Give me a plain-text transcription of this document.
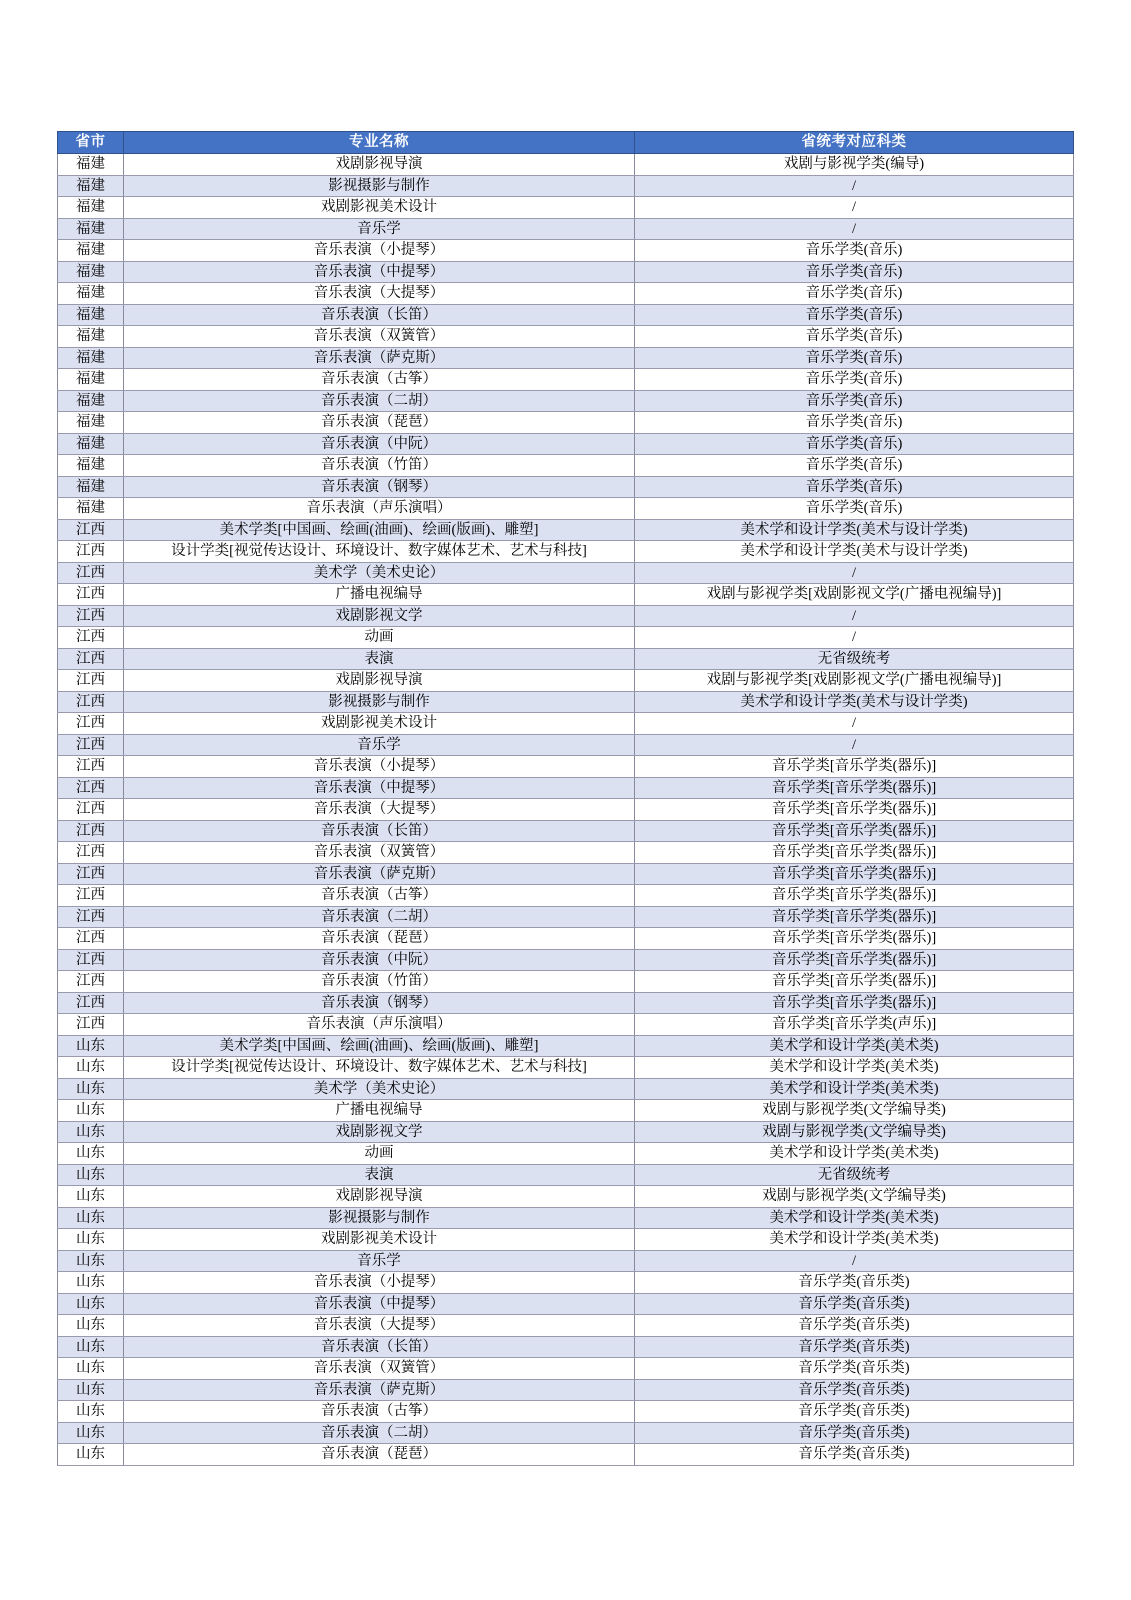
省市	专业名称	省统考对应科类
福建	戏剧影视导演	戏剧与影视学类(编导)
福建	影视摄影与制作	/
福建	戏剧影视美术设计	/
福建	音乐学	/
福建	音乐表演（小提琴）	音乐学类(音乐)
福建	音乐表演（中提琴）	音乐学类(音乐)
福建	音乐表演（大提琴）	音乐学类(音乐)
福建	音乐表演（长笛）	音乐学类(音乐)
福建	音乐表演（双簧管）	音乐学类(音乐)
福建	音乐表演（萨克斯）	音乐学类(音乐)
福建	音乐表演（古筝）	音乐学类(音乐)
福建	音乐表演（二胡）	音乐学类(音乐)
福建	音乐表演（琵琶）	音乐学类(音乐)
福建	音乐表演（中阮）	音乐学类(音乐)
福建	音乐表演（竹笛）	音乐学类(音乐)
福建	音乐表演（钢琴）	音乐学类(音乐)
福建	音乐表演（声乐演唱）	音乐学类(音乐)
江西	美术学类[中国画、绘画(油画)、绘画(版画)、雕塑]	美术学和设计学类(美术与设计学类)
江西	设计学类[视觉传达设计、环境设计、数字媒体艺术、艺术与科技]	美术学和设计学类(美术与设计学类)
江西	美术学（美术史论）	/
江西	广播电视编导	戏剧与影视学类[戏剧影视文学(广播电视编导)]
江西	戏剧影视文学	/
江西	动画	/
江西	表演	无省级统考
江西	戏剧影视导演	戏剧与影视学类[戏剧影视文学(广播电视编导)]
江西	影视摄影与制作	美术学和设计学类(美术与设计学类)
江西	戏剧影视美术设计	/
江西	音乐学	/
江西	音乐表演（小提琴）	音乐学类[音乐学类(器乐)]
江西	音乐表演（中提琴）	音乐学类[音乐学类(器乐)]
江西	音乐表演（大提琴）	音乐学类[音乐学类(器乐)]
江西	音乐表演（长笛）	音乐学类[音乐学类(器乐)]
江西	音乐表演（双簧管）	音乐学类[音乐学类(器乐)]
江西	音乐表演（萨克斯）	音乐学类[音乐学类(器乐)]
江西	音乐表演（古筝）	音乐学类[音乐学类(器乐)]
江西	音乐表演（二胡）	音乐学类[音乐学类(器乐)]
江西	音乐表演（琵琶）	音乐学类[音乐学类(器乐)]
江西	音乐表演（中阮）	音乐学类[音乐学类(器乐)]
江西	音乐表演（竹笛）	音乐学类[音乐学类(器乐)]
江西	音乐表演（钢琴）	音乐学类[音乐学类(器乐)]
江西	音乐表演（声乐演唱）	音乐学类[音乐学类(声乐)]
山东	美术学类[中国画、绘画(油画)、绘画(版画)、雕塑]	美术学和设计学类(美术类)
山东	设计学类[视觉传达设计、环境设计、数字媒体艺术、艺术与科技]	美术学和设计学类(美术类)
山东	美术学（美术史论）	美术学和设计学类(美术类)
山东	广播电视编导	戏剧与影视学类(文学编导类)
山东	戏剧影视文学	戏剧与影视学类(文学编导类)
山东	动画	美术学和设计学类(美术类)
山东	表演	无省级统考
山东	戏剧影视导演	戏剧与影视学类(文学编导类)
山东	影视摄影与制作	美术学和设计学类(美术类)
山东	戏剧影视美术设计	美术学和设计学类(美术类)
山东	音乐学	/
山东	音乐表演（小提琴）	音乐学类(音乐类)
山东	音乐表演（中提琴）	音乐学类(音乐类)
山东	音乐表演（大提琴）	音乐学类(音乐类)
山东	音乐表演（长笛）	音乐学类(音乐类)
山东	音乐表演（双簧管）	音乐学类(音乐类)
山东	音乐表演（萨克斯）	音乐学类(音乐类)
山东	音乐表演（古筝）	音乐学类(音乐类)
山东	音乐表演（二胡）	音乐学类(音乐类)
山东	音乐表演（琵琶）	音乐学类(音乐类)
